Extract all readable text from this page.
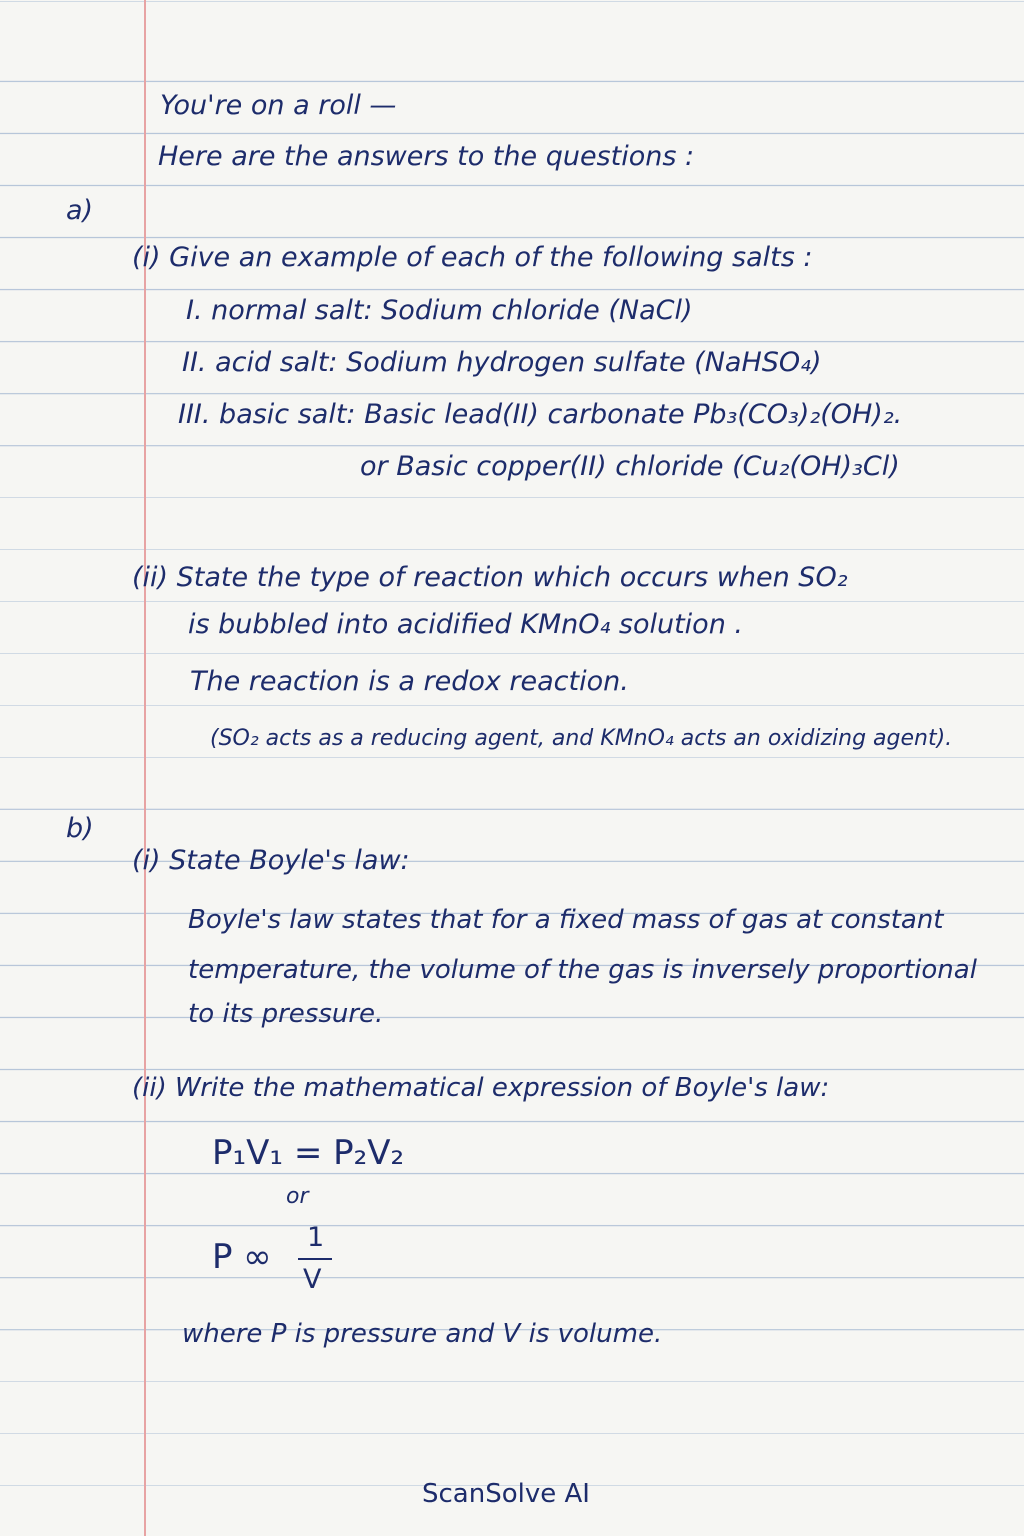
You're on a roll —

Here are the answers to the questions :

a)

(i) Give an example of each of the following salts :

I. normal salt: Sodium chloride (NaCl)

II. acid salt: Sodium hydrogen sulfate (NaHSO₄)

III. basic salt: Basic lead(II) carbonate Pb₃(CO₃)₂(OH)₂.

or Basic copper(II) chloride (Cu₂(OH)₃Cl)

(ii) State the type of reaction which occurs when SO₂

is bubbled into acidified KMnO₄ solution .

The reaction is a redox reaction.

(SO₂ acts as a reducing agent, and KMnO₄ acts an oxidizing agent).

b)

(i) State Boyle's law:

Boyle's law states that for a fixed mass of gas at constant

temperature, the volume of the gas is inversely proportional

to its pressure.

(ii) Write the mathematical expression of Boyle's law:

P₁V₁ = P₂V₂

or

P ∞ 1

V

where P is pressure and V is volume.

ScanSolve AI
